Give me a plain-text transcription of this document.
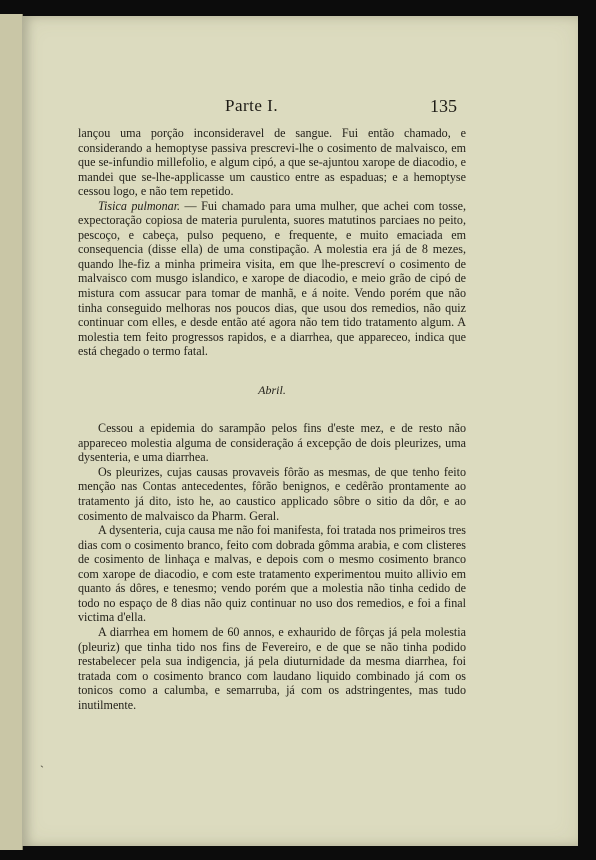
Parte I.	135

lançou uma porção inconsideravel de sangue. Fui então chamado, e considerando a hemoptyse passiva prescrevi-lhe o cosimento de malvaisco, em que se-infundio millefolio, e algum cipó, a que se-ajuntou xarope de diacodio, e mandei que se-lhe-applicasse um caustico entre as espaduas; e a hemoptyse cessou logo, e não tem repetido.

Tisica pulmonar. — Fui chamado para uma mulher, que achei com tosse, expectoração copiosa de materia purulenta, suores matutinos parciaes no peito, pescoço, e cabeça, pulso pequeno, e frequente, e muito emaciada em consequencia (disse ella) de uma constipação. A molestia era já de 8 mezes, quando lhe-fiz a minha primeira visita, em que lhe-prescreví o cosimento de malvaisco com musgo islandico, e xarope de diacodio, e meio grão de cipó de mistura com assucar para tomar de manhã, e á noite. Vendo porém que não tinha conseguido melhoras nos poucos dias, que usou dos remedios, não quiz continuar com elles, e desde então até agora não tem tido tratamento algum. A molestia tem feito progressos rapidos, e a diarrhea, que appareceo, indica que está chegado o termo fatal.

Abril.

Cessou a epidemia do sarampão pelos fins d'este mez, e de resto não appareceo molestia alguma de consideração á excepção de dois pleurizes, uma dysenteria, e uma diarrhea.

Os pleurizes, cujas causas provaveis fôrão as mesmas, de que tenho feito menção nas Contas antecedentes, fôrão benignos, e cedêrão prontamente ao tratamento já dito, isto he, ao caustico applicado sôbre o sitio da dôr, e ao cosimento de malvaisco da Pharm. Geral.

A dysenteria, cuja causa me não foi manifesta, foi tratada nos primeiros tres dias com o cosimento branco, feito com dobrada gômma arabia, e com clisteres de cosimento de linhaça e malvas, e depois com o mesmo cosimento branco com xarope de diacodio, e com este tratamento experimentou muito allivio em quanto ás dôres, e tenesmo; vendo porém que a molestia não tinha cedido de todo no espaço de 8 dias não quiz continuar no uso dos remedios, e foi a final victima d'ella.

A diarrhea em homem de 60 annos, e exhaurido de fôrças já pela molestia (pleuriz) que tinha tido nos fins de Fevereiro, e de que se não tinha podido restabelecer pela sua indigencia, já pela diuturnidade da mesma diarrhea, foi tratada com o cosimento branco com laudano liquido combinado já com os tonicos como a calumba, e semarruba, já com os adstringentes, mas tudo inutilmente.

ˏ
